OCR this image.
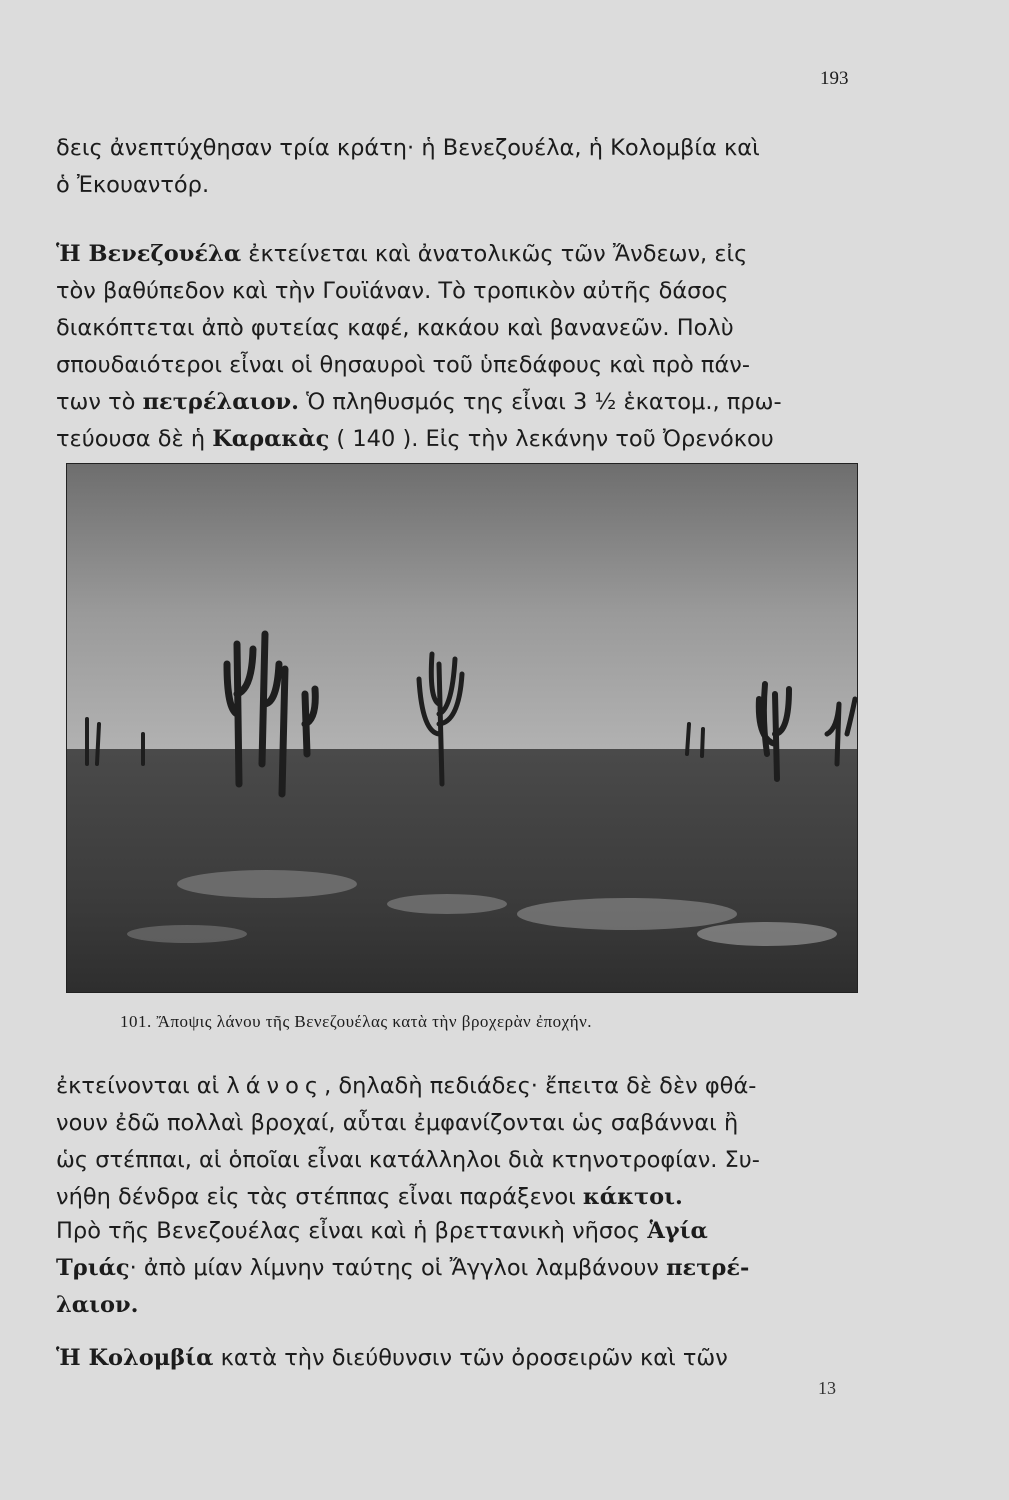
193
δεις ἀνεπτύχθησαν τρία κράτη· ἡ Βενεζουέλα, ἡ Κολομβία καὶ
ὁ Ἐκουαντόρ.
Ἡ Βενεζουέλα ἐκτείνεται καὶ ἀνατολικῶς τῶν Ἄνδεων, εἰς
τὸν βαθύπεδον καὶ τὴν Γουϊάναν. Τὸ τροπικὸν αὐτῆς δάσος
διακόπτεται ἀπὸ φυτείας καφέ, κακάου καὶ βανανεῶν. Πολὺ
σπουδαιότεροι εἶναι οἱ θησαυροὶ τοῦ ὑπεδάφους καὶ πρὸ πάν-
των τὸ πετρέλαιον. Ὁ πληθυσμός της εἶναι 3 ½ ἑκατομ., πρω-
τεύουσα δὲ ἡ Καρακὰς ( 140 ). Εἰς τὴν λεκάνην τοῦ Ὀρενόκου
101. Ἄποψις λάνου τῆς Βενεζουέλας κατὰ τὴν βροχερὰν ἐποχήν.
ἐκτείνονται αἱ λάνος, δηλαδὴ πεδιάδες· ἔπειτα δὲ δὲν φθά-
νουν ἐδῶ πολλαὶ βροχαί, αὗται ἐμφανίζονται ὡς σαβάνναι ἢ
ὡς στέππαι, αἱ ὁποῖαι εἶναι κατάλληλοι διὰ κτηνοτροφίαν. Συ-
νήθη δένδρα εἰς τὰς στέππας εἶναι παράξενοι κάκτοι.
Πρὸ τῆς Βενεζουέλας εἶναι καὶ ἡ βρεττανικὴ νῆσος Ἁγία
Τριάς· ἀπὸ μίαν λίμνην ταύτης οἱ Ἄγγλοι λαμβάνουν πετρέ-
λαιον.
Ἡ Κολομβία κατὰ τὴν διεύθυνσιν τῶν ὀροσειρῶν καὶ τῶν
13
